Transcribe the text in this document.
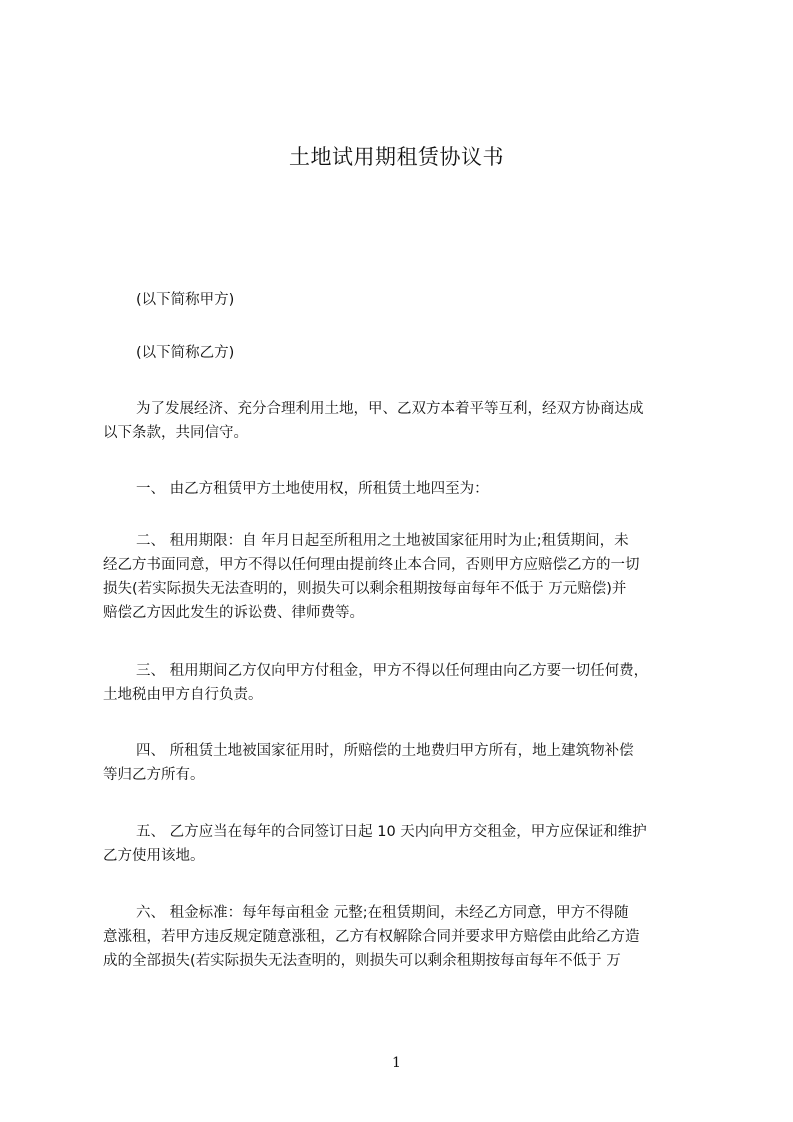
土地试用期租赁协议书
(以下简称甲方)
(以下简称乙方)
为了发展经济、充分合理利用土地，甲、乙双方本着平等互利，经双方协商达成
以下条款，共同信守。
一、 由乙方租赁甲方土地使用权，所租赁土地四至为：
二、 租用期限：自 年月日起至所租用之土地被国家征用时为止;租赁期间，未
经乙方书面同意，甲方不得以任何理由提前终止本合同，否则甲方应赔偿乙方的一切
损失(若实际损失无法查明的，则损失可以剩余租期按每亩每年不低于 万元赔偿)并
赔偿乙方因此发生的诉讼费、律师费等。
三、 租用期间乙方仅向甲方付租金，甲方不得以任何理由向乙方要一切任何费，
土地税由甲方自行负责。
四、 所租赁土地被国家征用时，所赔偿的土地费归甲方所有，地上建筑物补偿
等归乙方所有。
五、 乙方应当在每年的合同签订日起 10 天内向甲方交租金，甲方应保证和维护
乙方使用该地。
六、 租金标准：每年每亩租金 元整;在租赁期间，未经乙方同意，甲方不得随
意涨租，若甲方违反规定随意涨租，乙方有权解除合同并要求甲方赔偿由此给乙方造
成的全部损失(若实际损失无法查明的，则损失可以剩余租期按每亩每年不低于 万
1
